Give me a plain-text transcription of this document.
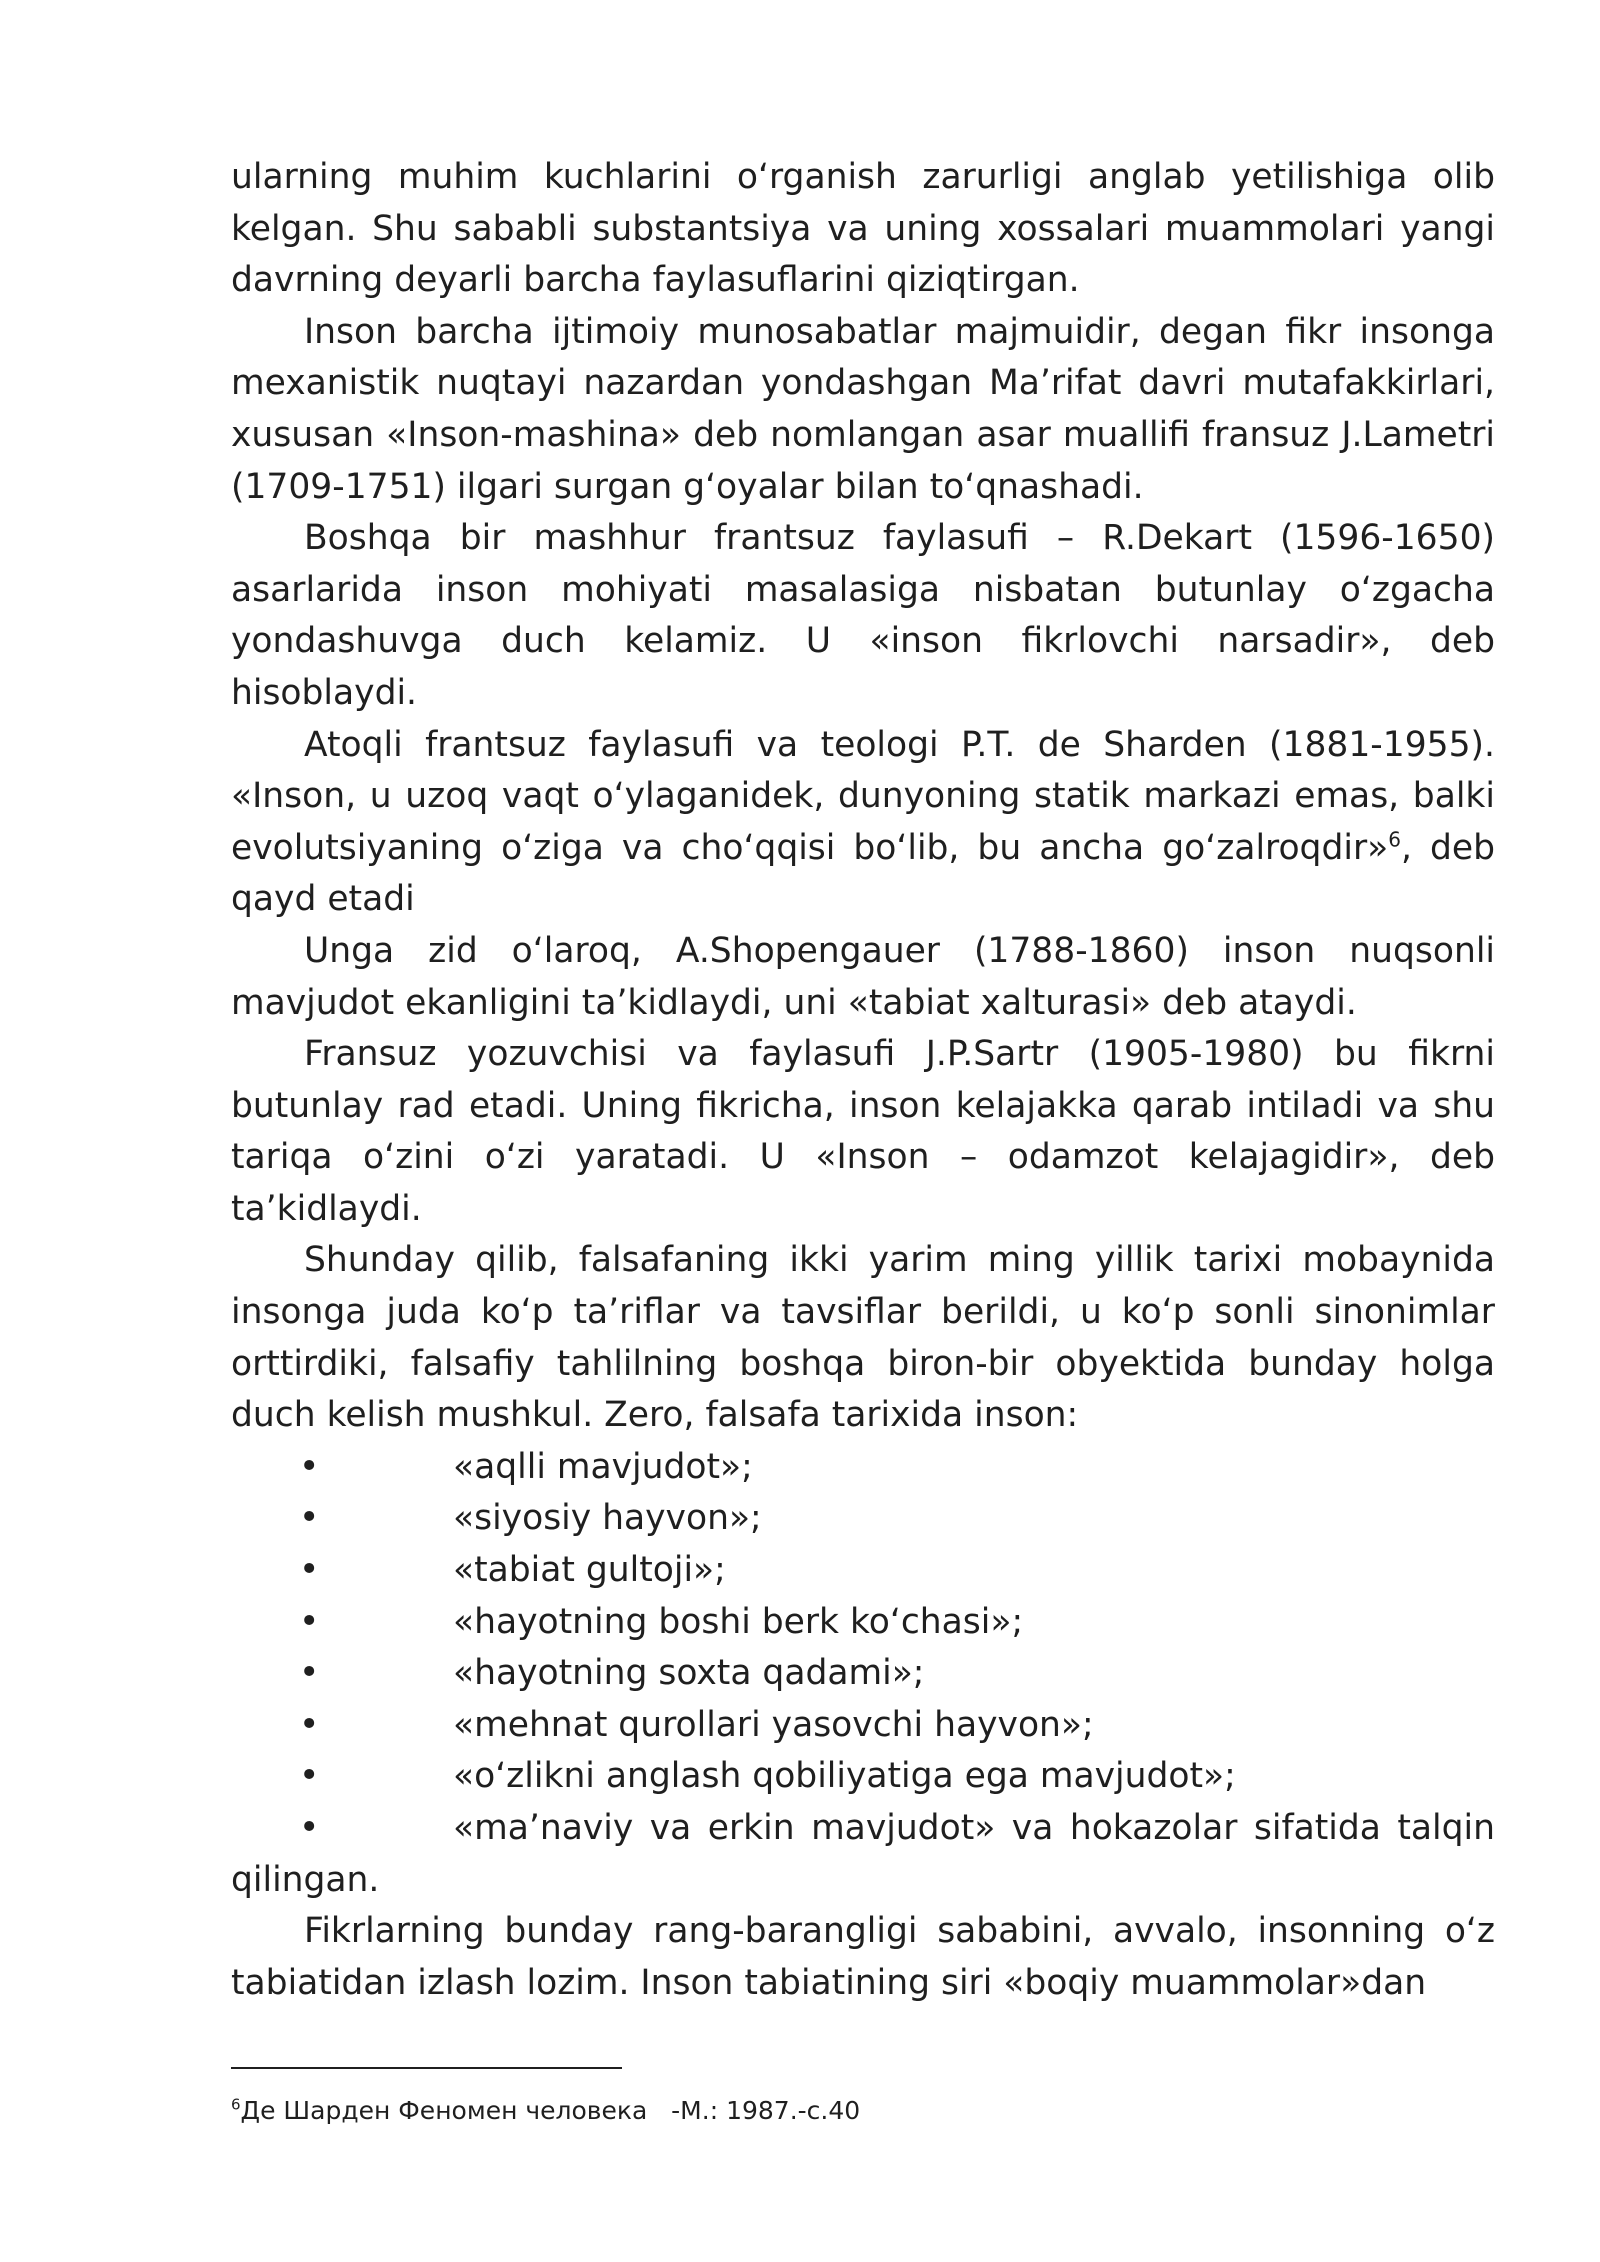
ularning muhim kuchlarini o‘rganish zarurligi anglab yetilishiga olib kelgan. Shu sababli substantsiya va uning xossalari muammolari yangi davrning deyarli barcha faylasuflarini qiziqtirgan.

Inson barcha ijtimoiy munosabatlar majmuidir, degan fikr insonga mexanistik nuqtayi nazardan yondashgan Ma’rifat davri mutafakkirlari, xususan «Inson-mashina» deb nomlangan asar muallifi fransuz J.Lametri (1709-1751) ilgari surgan g‘oyalar bilan to‘qnashadi.

Boshqa bir mashhur frantsuz faylasufi – R.Dekart (1596-1650) asarlarida inson mohiyati masalasiga nisbatan butunlay o‘zgacha yondashuvga duch kelamiz. U «inson fikrlovchi narsadir», deb hisoblaydi.

Atoqli frantsuz faylasufi va teologi P.T. de Sharden (1881-1955). «Inson, u uzoq vaqt o‘ylaganidek, dunyoning statik markazi emas, balki evolutsiyaning o‘ziga va cho‘qqisi bo‘lib, bu ancha go‘zalroqdir»$^6$, deb qayd etadi

Unga zid o‘laroq, A.Shopengauer (1788-1860) inson nuqsonli mavjudot ekanligini ta’kidlaydi, uni «tabiat xalturasi» deb ataydi.

Fransuz yozuvchisi va faylasufi J.P.Sartr (1905-1980) bu fikrni butunlay rad etadi. Uning fikricha, inson kelajakka qarab intiladi va shu tariqa o‘zini o‘zi yaratadi. U «Inson – odamzot kelajagidir», deb ta’kidlaydi.

Shunday qilib, falsafaning ikki yarim ming yillik tarixi mobaynida insonga juda ko‘p ta’riflar va tavsiflar berildi, u ko‘p sonli sinonimlar orttirdiki, falsafiy tahlilning boshqa biron-bir obyektida bunday holga duch kelish mushkul. Zero, falsafa tarixida inson:

•	«aqlli mavjudot»;
•	«siyosiy hayvon»;
•	«tabiat gultoji»;
•	«hayotning boshi berk ko‘chasi»;
•	«hayotning soxta qadami»;
•	«mehnat qurollari yasovchi hayvon»;
•	«o‘zlikni anglash qobiliyatiga ega mavjudot»;
•	«ma’naviy va erkin mavjudot» va hokazolar sifatida talqin qilingan.

Fikrlarning bunday rang-barangligi sababini, avvalo, insonning o‘z tabiatidan izlash lozim. Inson tabiatining siri «boqiy muammolar»dan

$^6$Де Шарден Феномен человека   -М.: 1987.-с.40
